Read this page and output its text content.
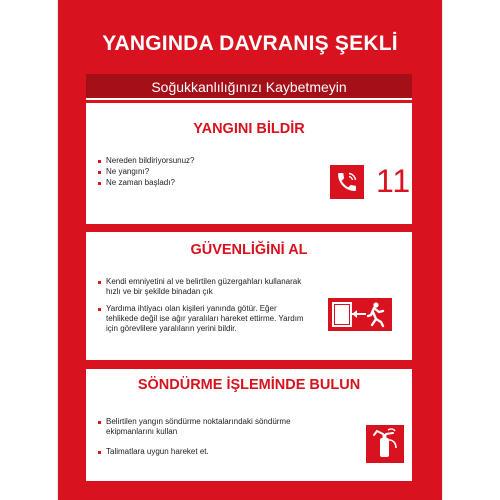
YANGINDA DAVRANIŞ ŞEKLİ
Soğukkanlılığınızı Kaybetmeyin
YANGINI BİLDİR
Nereden bildiriyorsunuz?
Ne yangını?
Ne zaman başladı?	110
GÜVENLİĞİNİ AL
Kendi emniyetini al ve belirtilen güzergahları kullanarak hızlı ve bir şekilde binadan çık
Yardıma ihtiyacı olan kişileri yanında götür. Eğer tehlikede değil ise ağır yaralıları hareket ettirme. Yardım için görevlilere yaralıların yerini bildir.
SÖNDÜRME İŞLEMİNDE BULUN
Belirtilen yangın söndürme noktalarındaki söndürme ekipmanlarını kullan
Talimatlara uygun hareket et.
